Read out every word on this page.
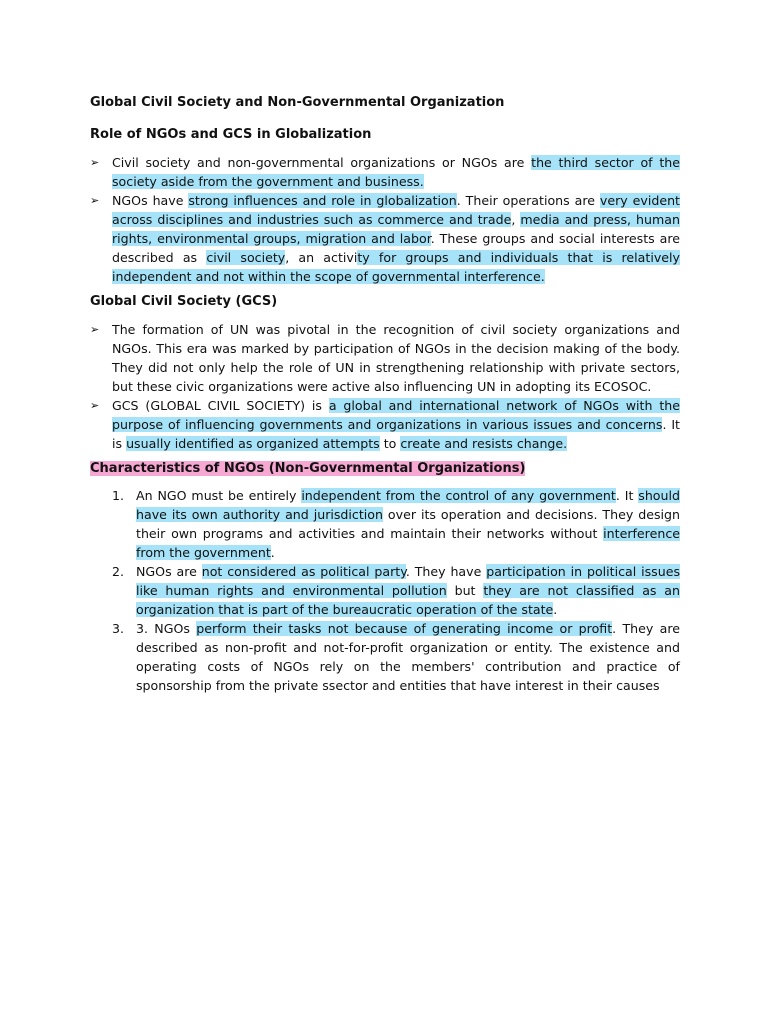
Global Civil Society and Non-Governmental Organization

Role of NGOs and GCS in Globalization

➢ Civil society and non-governmental organizations or NGOs are the third sector of the society aside from the government and business.
➢ NGOs have strong influences and role in globalization. Their operations are very evident across disciplines and industries such as commerce and trade, media and press, human rights, environmental groups, migration and labor. These groups and social interests are described as civil society, an activity for groups and individuals that is relatively independent and not within the scope of governmental interference.

Global Civil Society (GCS)

➢ The formation of UN was pivotal in the recognition of civil society organizations and NGOs. This era was marked by participation of NGOs in the decision making of the body. They did not only help the role of UN in strengthening relationship with private sectors, but these civic organizations were active also influencing UN in adopting its ECOSOC.
➢ GCS (GLOBAL CIVIL SOCIETY) is a global and international network of NGOs with the purpose of influencing governments and organizations in various issues and concerns. It is usually identified as organized attempts to create and resists change.

Characteristics of NGOs (Non-Governmental Organizations)

1. An NGO must be entirely independent from the control of any government. It should have its own authority and jurisdiction over its operation and decisions. They design their own programs and activities and maintain their networks without interference from the government.
2. NGOs are not considered as political party. They have participation in political issues like human rights and environmental pollution but they are not classified as an organization that is part of the bureaucratic operation of the state.
3. 3. NGOs perform their tasks not because of generating income or profit. They are described as non-profit and not-for-profit organization or entity. The existence and operating costs of NGOs rely on the members' contribution and practice of sponsorship from the private ssector and entities that have interest in their causes
